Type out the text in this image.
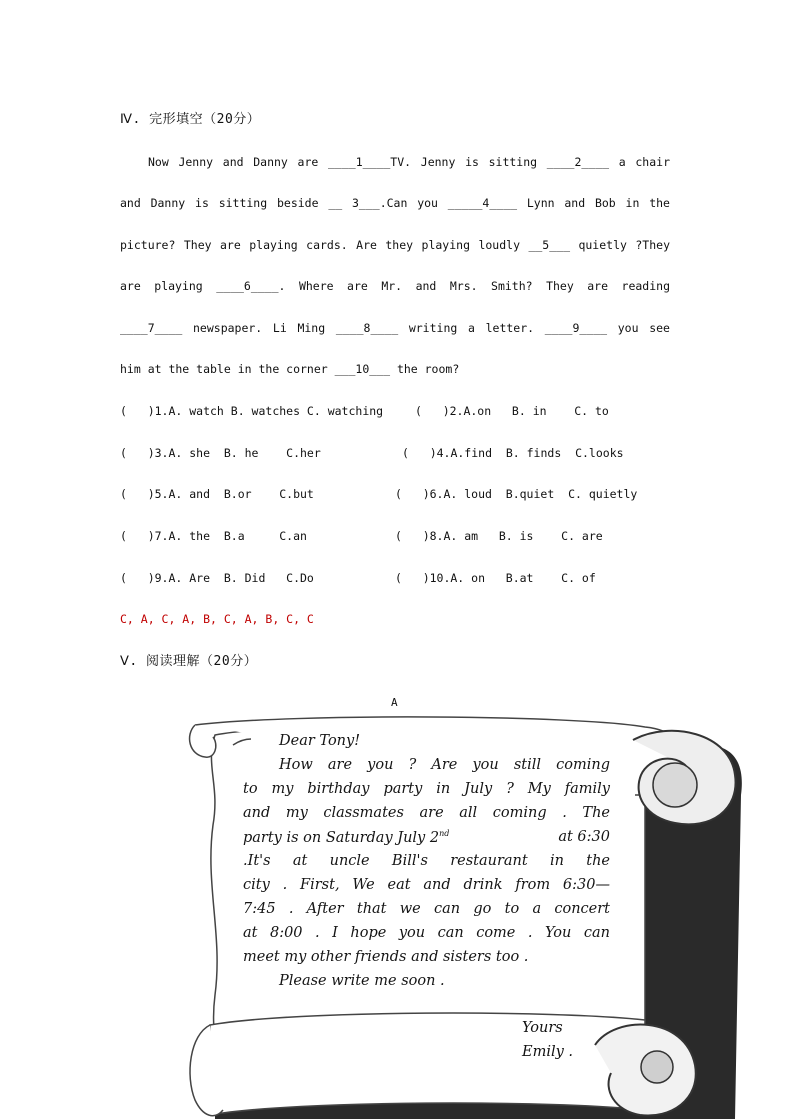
Ⅳ. 完形填空（20分）
Now Jenny and Danny are ____1____TV. Jenny is sitting ____2____ a chair
and Danny is sitting beside __ 3___.Can you _____4____ Lynn and Bob in the
picture? They are playing cards. Are they playing loudly __5___ quietly ?They
are playing ____6____. Where are Mr. and Mrs. Smith? They are reading
____7____ newspaper. Li Ming ____8____ writing a letter. ____9____ you see
him at the table in the corner ___10___ the room?
(   )1.A. watch B. watches C. watching	(   )2.A.on   B. in    C. to
(   )3.A. she  B. he    C.her	(   )4.A.find  B. finds  C.looks
(   )5.A. and  B.or    C.but	(   )6.A. loud  B.quiet  C. quietly
(   )7.A. the  B.a     C.an	(   )8.A. am   B. is    C. are
(   )9.A. Are  B. Did   C.Do	(   )10.A. on   B.at    C. of
C, A, C, A, B, C, A, B, C, C
Ⅴ. 阅读理解（20分）
A
Dear Tony!
How are you ? Are you still coming
to my birthday party in July ? My family
and my classmates are all coming . The
party is on Saturday July 2nd	at 6:30
.It's at uncle Bill's restaurant in the
city . First, We eat and drink from 6:30—
7:45 . After that we can go to a concert
at 8:00 . I hope you can come . You can
meet my other friends and sisters too .
Please write me soon .
Yours
Emily .
